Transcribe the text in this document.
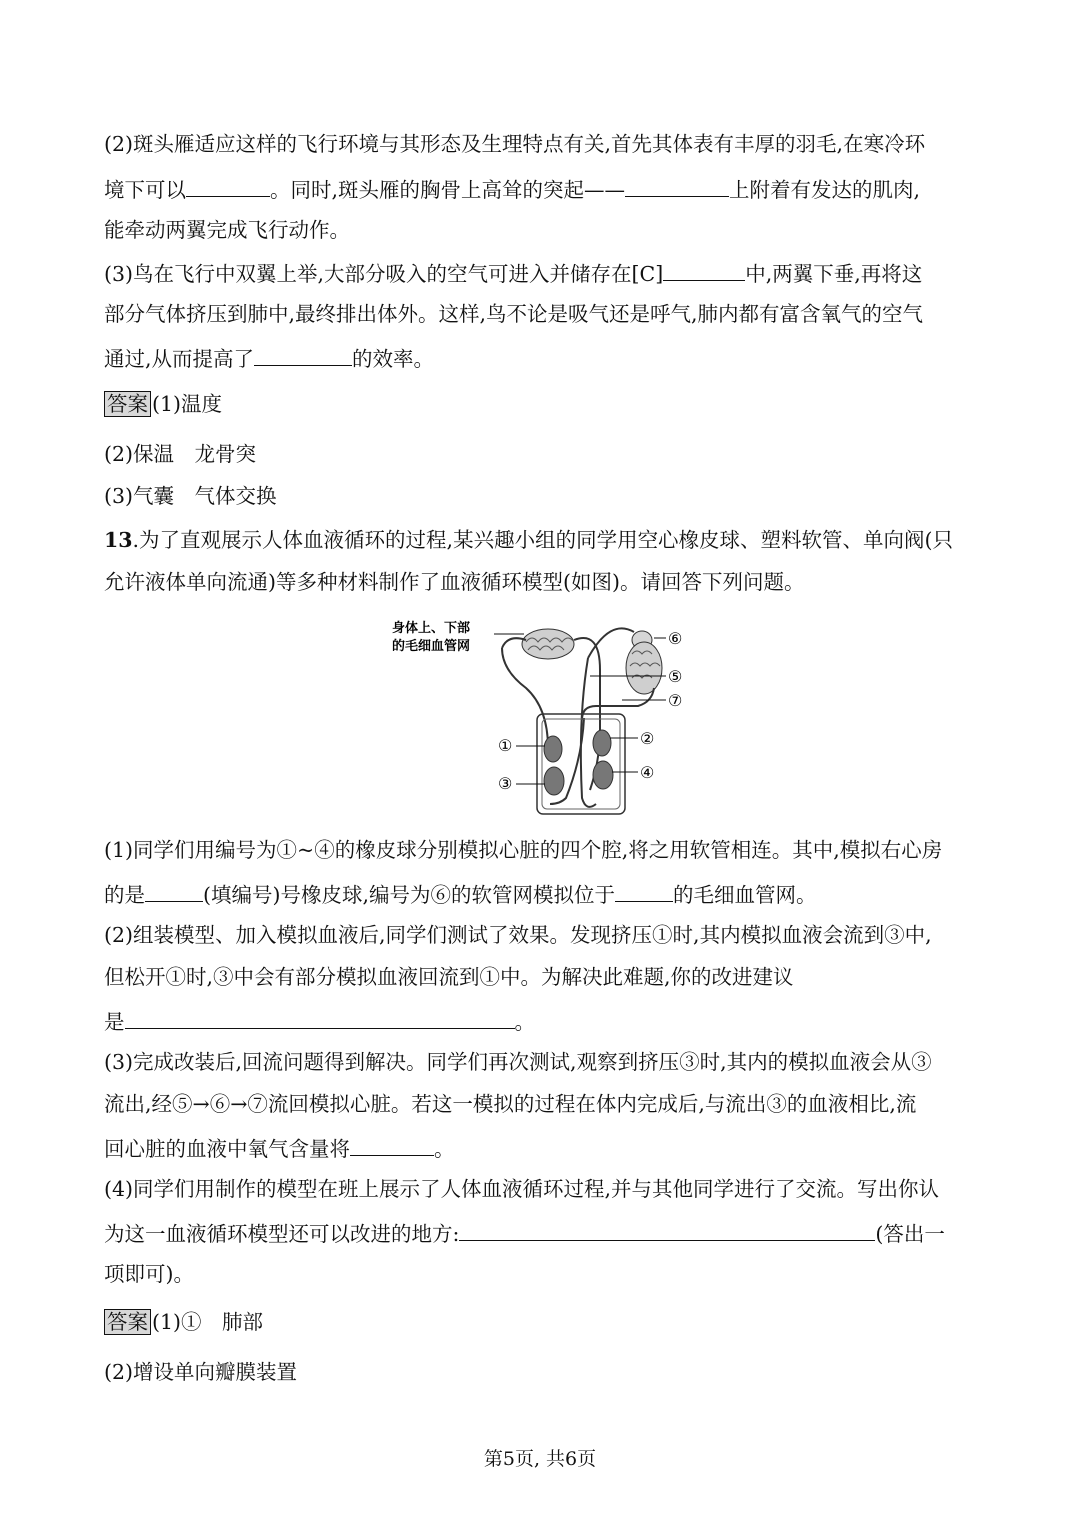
(2)斑头雁适应这样的飞行环境与其形态及生理特点有关,首先其体表有丰厚的羽毛,在寒冷环
境下可以	。同时,斑头雁的胸骨上高耸的突起——	上附着有发达的肌肉,
能牵动两翼完成飞行动作。
(3)鸟在飞行中双翼上举,大部分吸入的空气可进入并储存在[C]	中,两翼下垂,再将这
部分气体挤压到肺中,最终排出体外。这样,鸟不论是吸气还是呼气,肺内都有富含氧气的空气
通过,从而提高了	的效率。
答案 (1)温度
(2)保温　龙骨突
(3)气囊　气体交换
13.为了直观展示人体血液循环的过程,某兴趣小组的同学用空心橡皮球、塑料软管、单向阀(只
允许液体单向流通)等多种材料制作了血液循环模型(如图)。请回答下列问题。
身体上、下部
的毛细血管网
①
③
②
④
⑤
⑥
⑦
(1)同学们用编号为①~④的橡皮球分别模拟心脏的四个腔,将之用软管相连。其中,模拟右心房
的是	(填编号)号橡皮球,编号为⑥的软管网模拟位于	的毛细血管网。
(2)组装模型、加入模拟血液后,同学们测试了效果。发现挤压①时,其内模拟血液会流到③中,
但松开①时,③中会有部分模拟血液回流到①中。为解决此难题,你的改进建议
是	。
(3)完成改装后,回流问题得到解决。同学们再次测试,观察到挤压③时,其内的模拟血液会从③
流出,经⑤→⑥→⑦流回模拟心脏。若这一模拟的过程在体内完成后,与流出③的血液相比,流
回心脏的血液中氧气含量将	。
(4)同学们用制作的模型在班上展示了人体血液循环过程,并与其他同学进行了交流。写出你认
为这一血液循环模型还可以改进的地方:	(答出一
项即可)。
答案 (1)①　肺部
(2)增设单向瓣膜装置
第5页, 共6页
